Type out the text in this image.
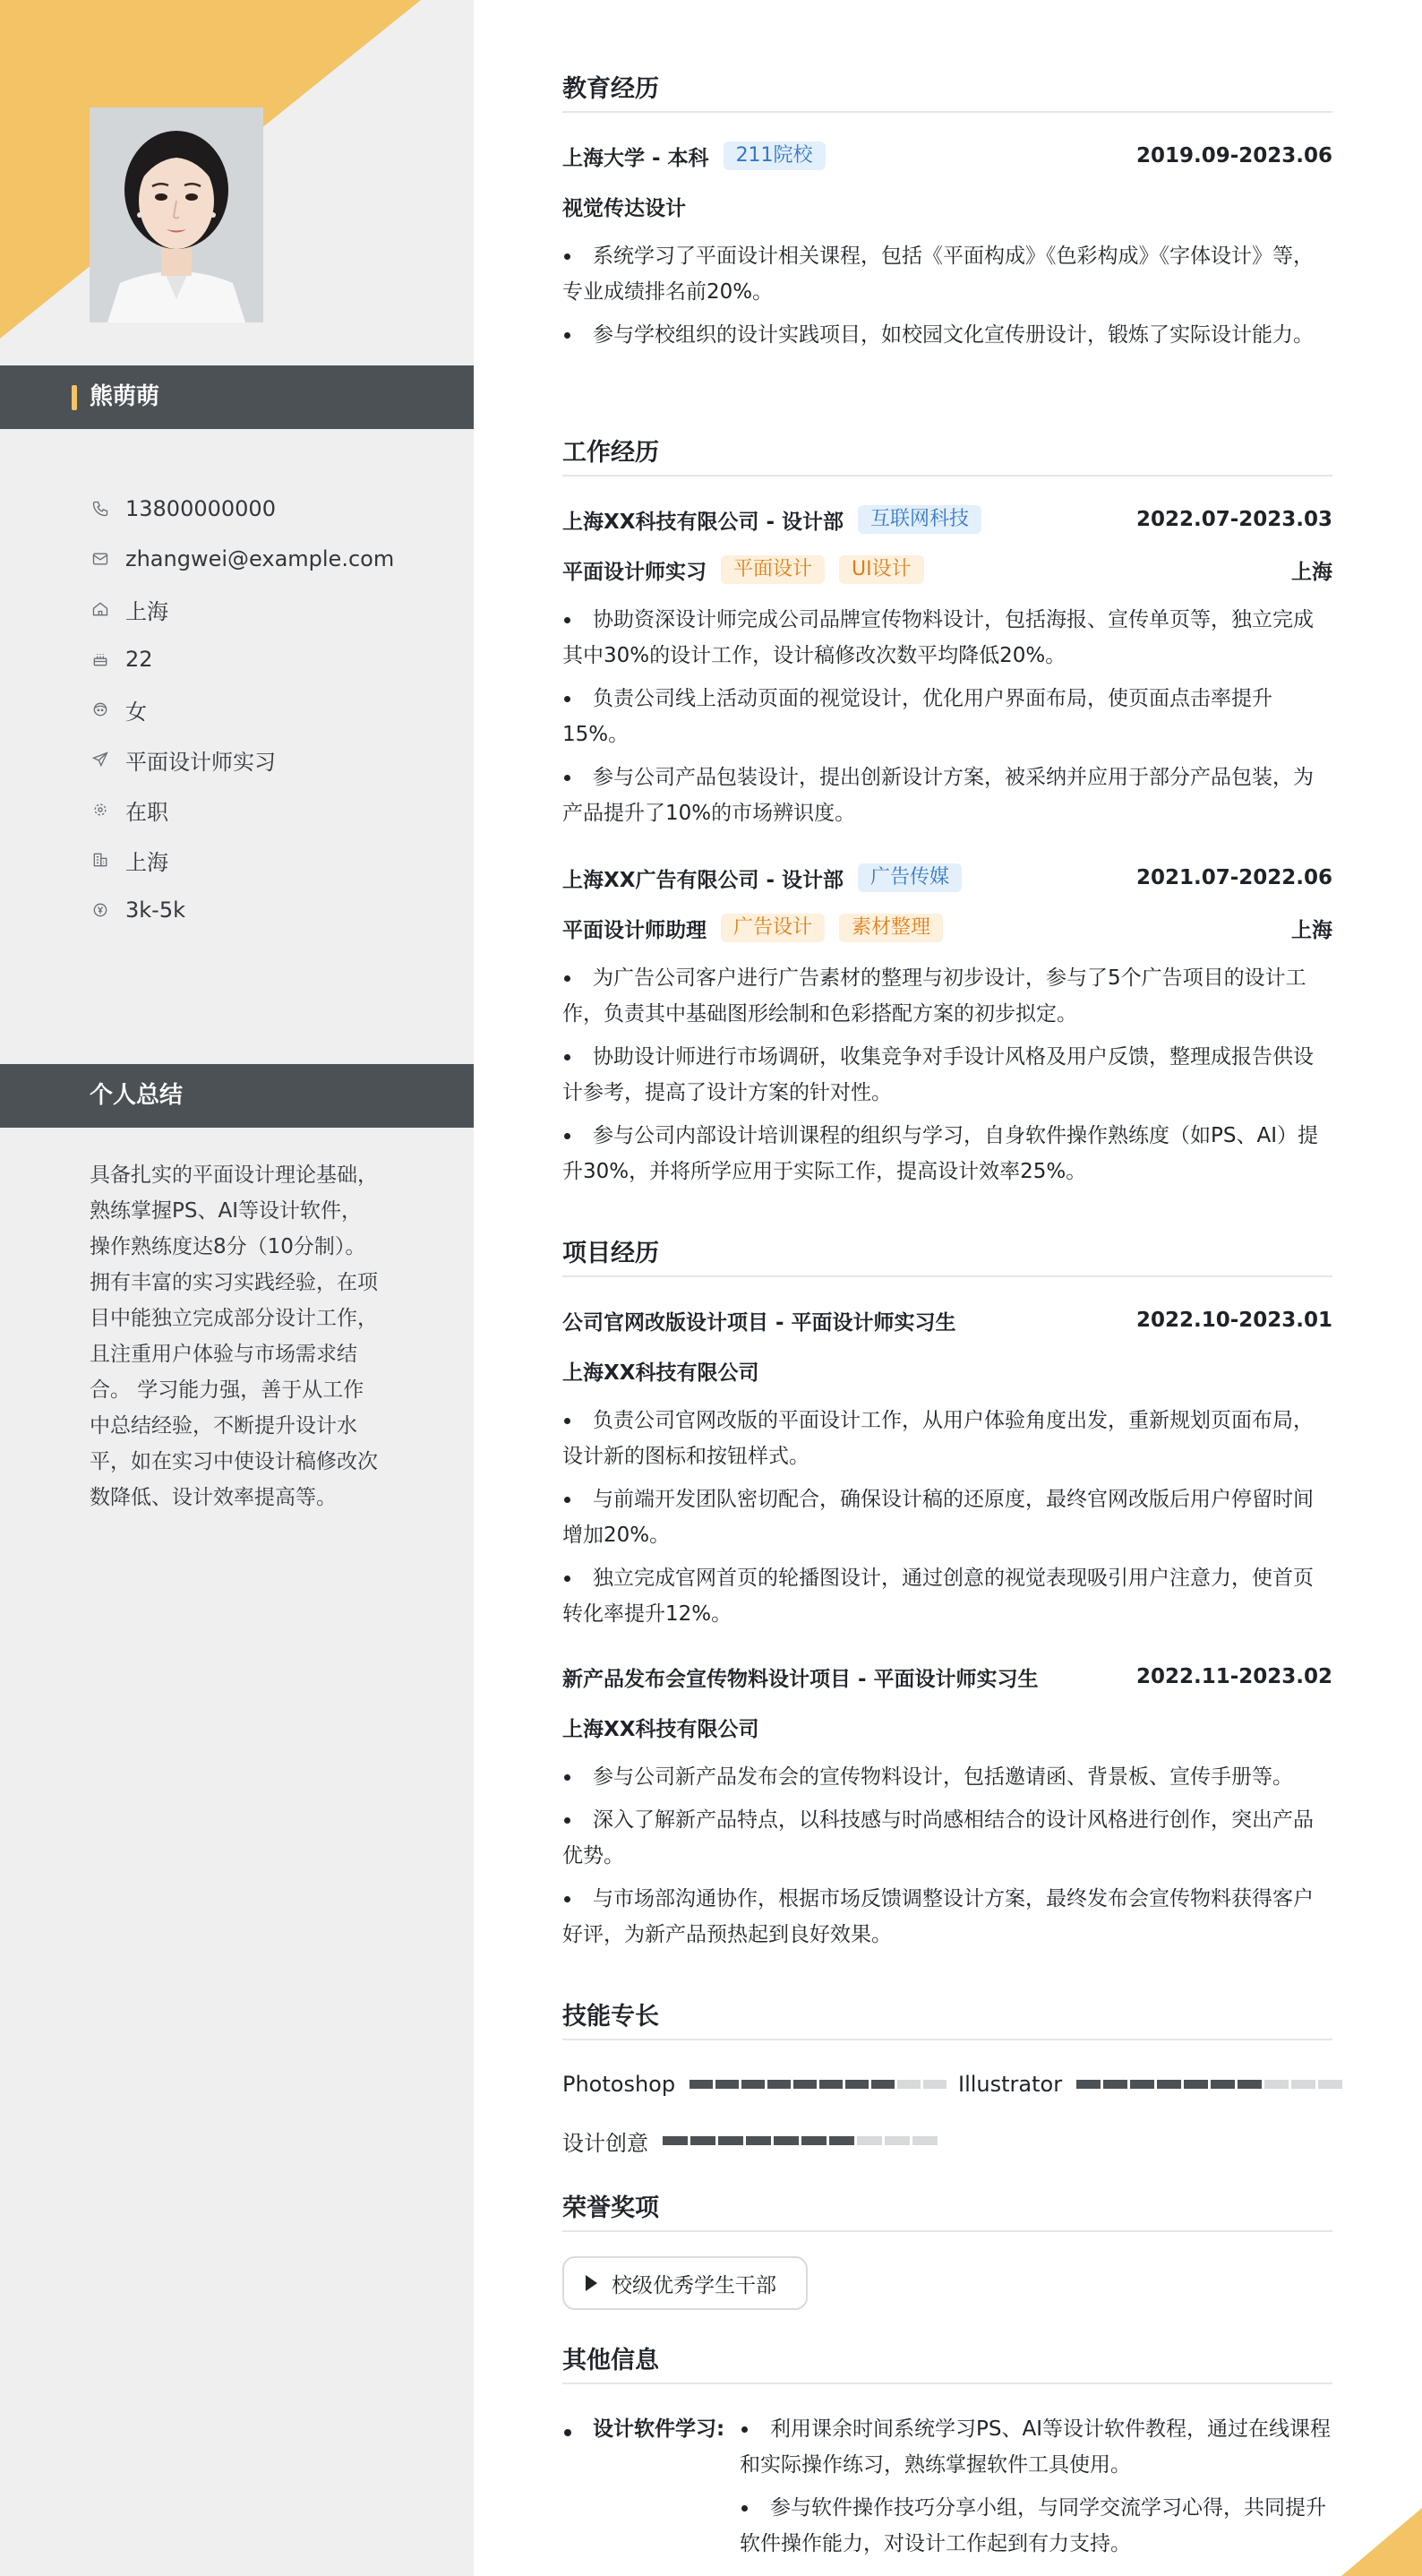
熊萌萌
13800000000
zhangwei@example.com
上海
22
女
平面设计师实习
在职
上海
3k-5k
个人总结

具备扎实的平面设计理论基础，熟练掌握PS、AI等设计软件，操作熟练度达8分（10分制）。 拥有丰富的实习实践经验，在项目中能独立完成部分设计工作，且注重用户体验与市场需求结合。 学习能力强，善于从工作中总结经验，不断提升设计水平，如在实习中使设计稿修改次数降低、设计效率提高等。

教育经历
上海大学 - 本科	211院校	2019.09-2023.06
视觉传达设计
系统学习了平面设计相关课程，包括《平面构成》《色彩构成》《字体设计》等，专业成绩排名前20%。
参与学校组织的设计实践项目，如校园文化宣传册设计，锻炼了实际设计能力。
工作经历
上海XX科技有限公司 - 设计部	互联网科技	2022.07-2023.03
平面设计师实习	平面设计	UI设计	上海
协助资深设计师完成公司品牌宣传物料设计，包括海报、宣传单页等，独立完成其中30%的设计工作，设计稿修改次数平均降低20%。
负责公司线上活动页面的视觉设计，优化用户界面布局，使页面点击率提升15%。
参与公司产品包装设计，提出创新设计方案，被采纳并应用于部分产品包装，为产品提升了10%的市场辨识度。
上海XX广告有限公司 - 设计部	广告传媒	2021.07-2022.06
平面设计师助理	广告设计	素材整理	上海
为广告公司客户进行广告素材的整理与初步设计，参与了5个广告项目的设计工作，负责其中基础图形绘制和色彩搭配方案的初步拟定。
协助设计师进行市场调研，收集竞争对手设计风格及用户反馈，整理成报告供设计参考，提高了设计方案的针对性。
参与公司内部设计培训课程的组织与学习，自身软件操作熟练度（如PS、AI）提升30%，并将所学应用于实际工作，提高设计效率25%。
项目经历
公司官网改版设计项目 - 平面设计师实习生	2022.10-2023.01
上海XX科技有限公司
负责公司官网改版的平面设计工作，从用户体验角度出发，重新规划页面布局，设计新的图标和按钮样式。
与前端开发团队密切配合，确保设计稿的还原度，最终官网改版后用户停留时间增加20%。
独立完成官网首页的轮播图设计，通过创意的视觉表现吸引用户注意力，使首页转化率提升12%。
新产品发布会宣传物料设计项目 - 平面设计师实习生	2022.11-2023.02
上海XX科技有限公司
参与公司新产品发布会的宣传物料设计，包括邀请函、背景板、宣传手册等。
深入了解新产品特点，以科技感与时尚感相结合的设计风格进行创作，突出产品优势。
与市场部沟通协作，根据市场反馈调整设计方案，最终发布会宣传物料获得客户好评，为新产品预热起到良好效果。
技能专长
Photoshop	Illustrator
设计创意
荣誉奖项
校级优秀学生干部
其他信息
设计软件学习:	利用课余时间系统学习PS、AI等设计软件教程，通过在线课程和实际操作练习，熟练掌握软件工具使用。
参与软件操作技巧分享小组，与同学交流学习心得，共同提升软件操作能力，对设计工作起到有力支持。
